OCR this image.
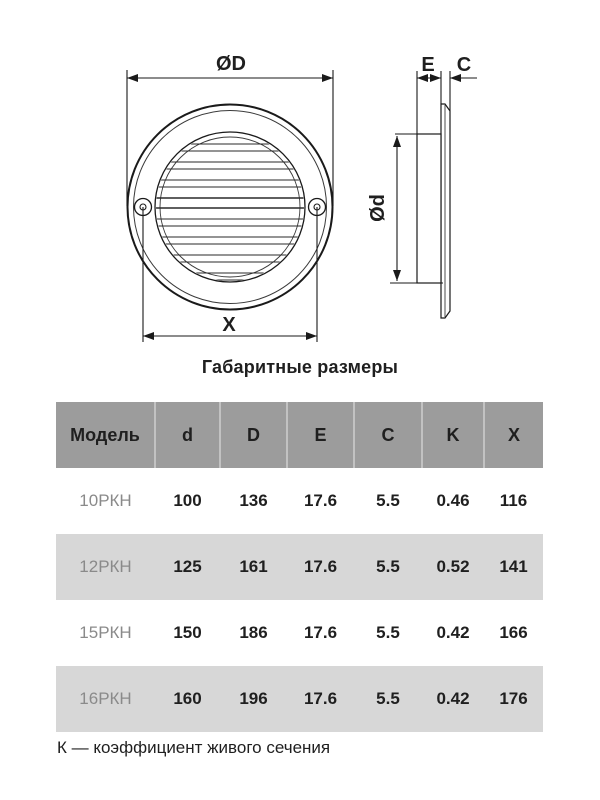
ØD
X
E C
Ød
Габаритные размеры
Модель	d	D	E	C	K	X
10РКН	100	136	17.6	5.5	0.46	116
12РКН	125	161	17.6	5.5	0.52	141
15РКН	150	186	17.6	5.5	0.42	166
16РКН	160	196	17.6	5.5	0.42	176
К — коэффициент живого сечения
